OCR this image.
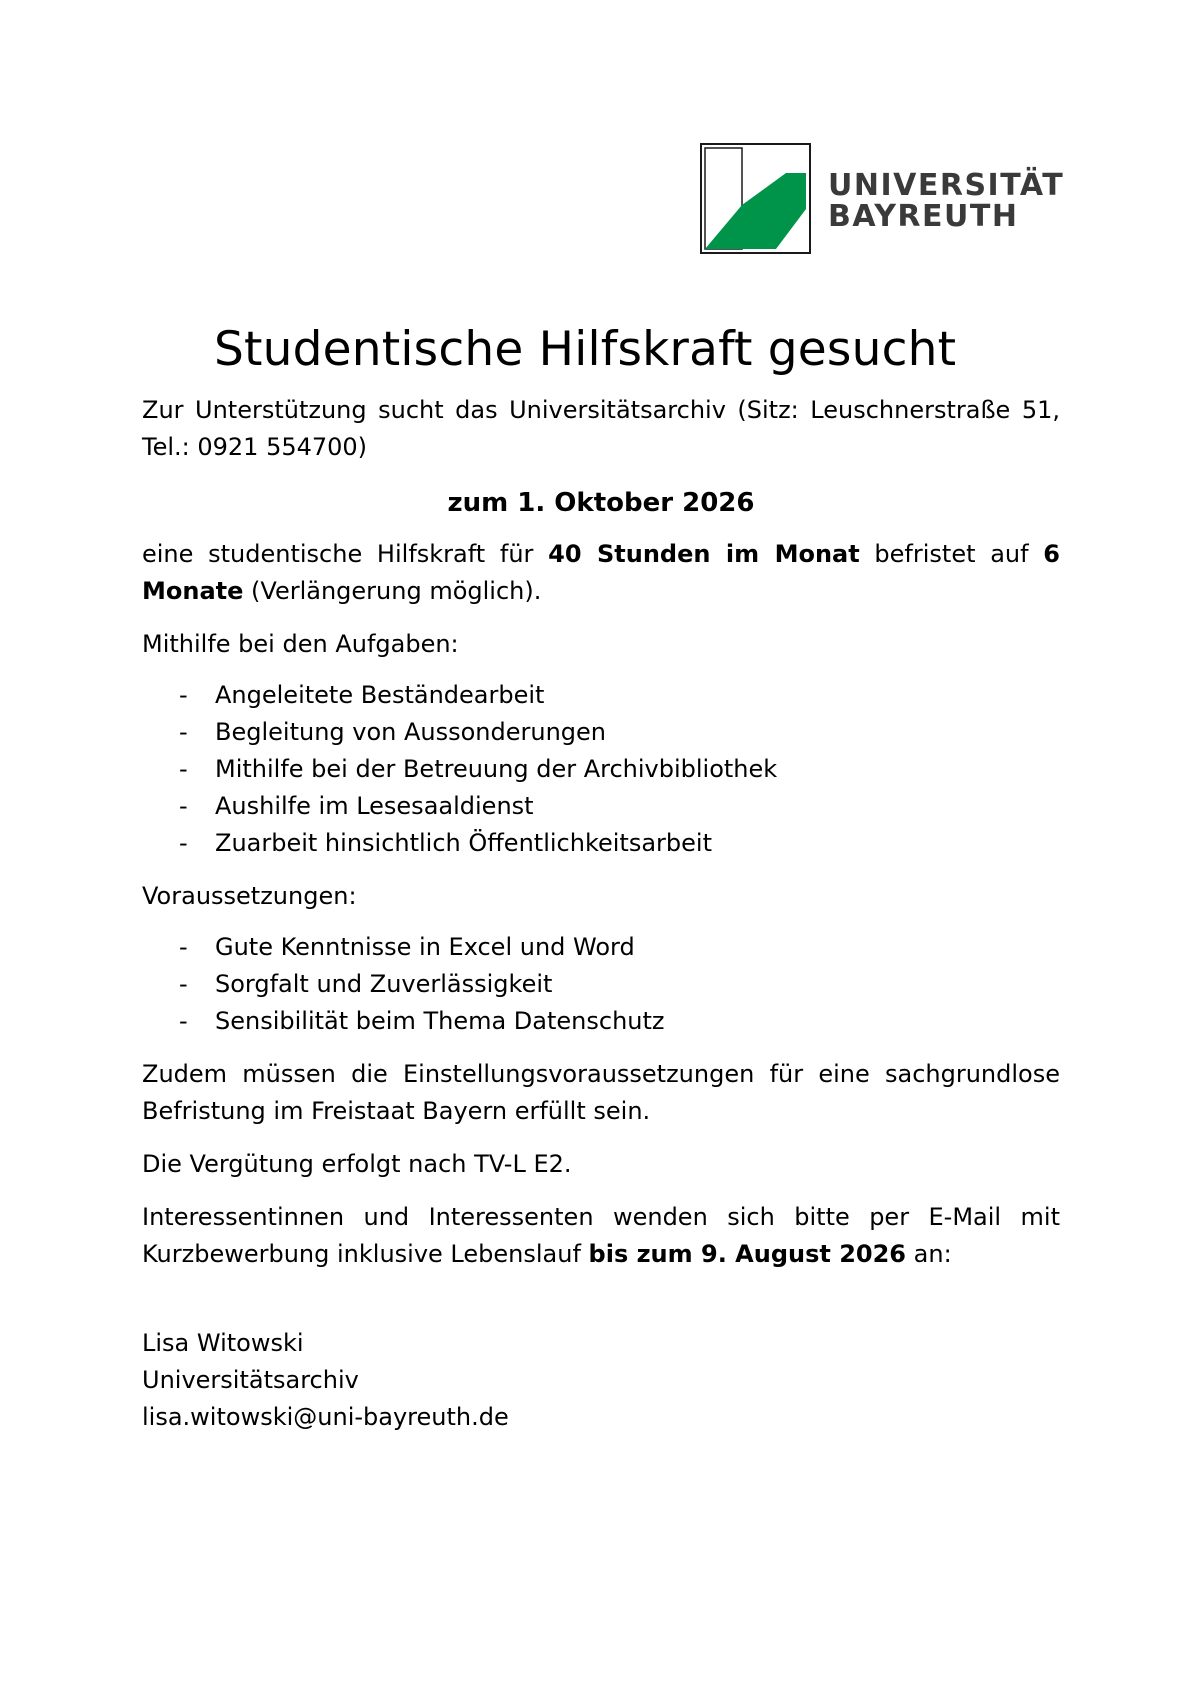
UNIVERSITÄT
BAYREUTH
Studentische Hilfskraft gesucht

Zur Unterstützung sucht das Universitätsarchiv (Sitz: Leuschnerstraße 51, Tel.: 0921 554700)

zum 1. Oktober 2026

eine studentische Hilfskraft für 40 Stunden im Monat befristet auf 6 Monate (Verlängerung möglich).

Mithilfe bei den Aufgaben:

- Angeleitete Beständearbeit
- Begleitung von Aussonderungen
- Mithilfe bei der Betreuung der Archivbibliothek
- Aushilfe im Lesesaaldienst
- Zuarbeit hinsichtlich Öffentlichkeitsarbeit

Voraussetzungen:

- Gute Kenntnisse in Excel und Word
- Sorgfalt und Zuverlässigkeit
- Sensibilität beim Thema Datenschutz

Zudem müssen die Einstellungsvoraussetzungen für eine sachgrundlose Befristung im Freistaat Bayern erfüllt sein.

Die Vergütung erfolgt nach TV-L E2.

Interessentinnen und Interessenten wenden sich bitte per E-Mail mit Kurzbewerbung inklusive Lebenslauf bis zum 9. August 2026 an:

Lisa Witowski
Universitätsarchiv
lisa.witowski@uni-bayreuth.de
